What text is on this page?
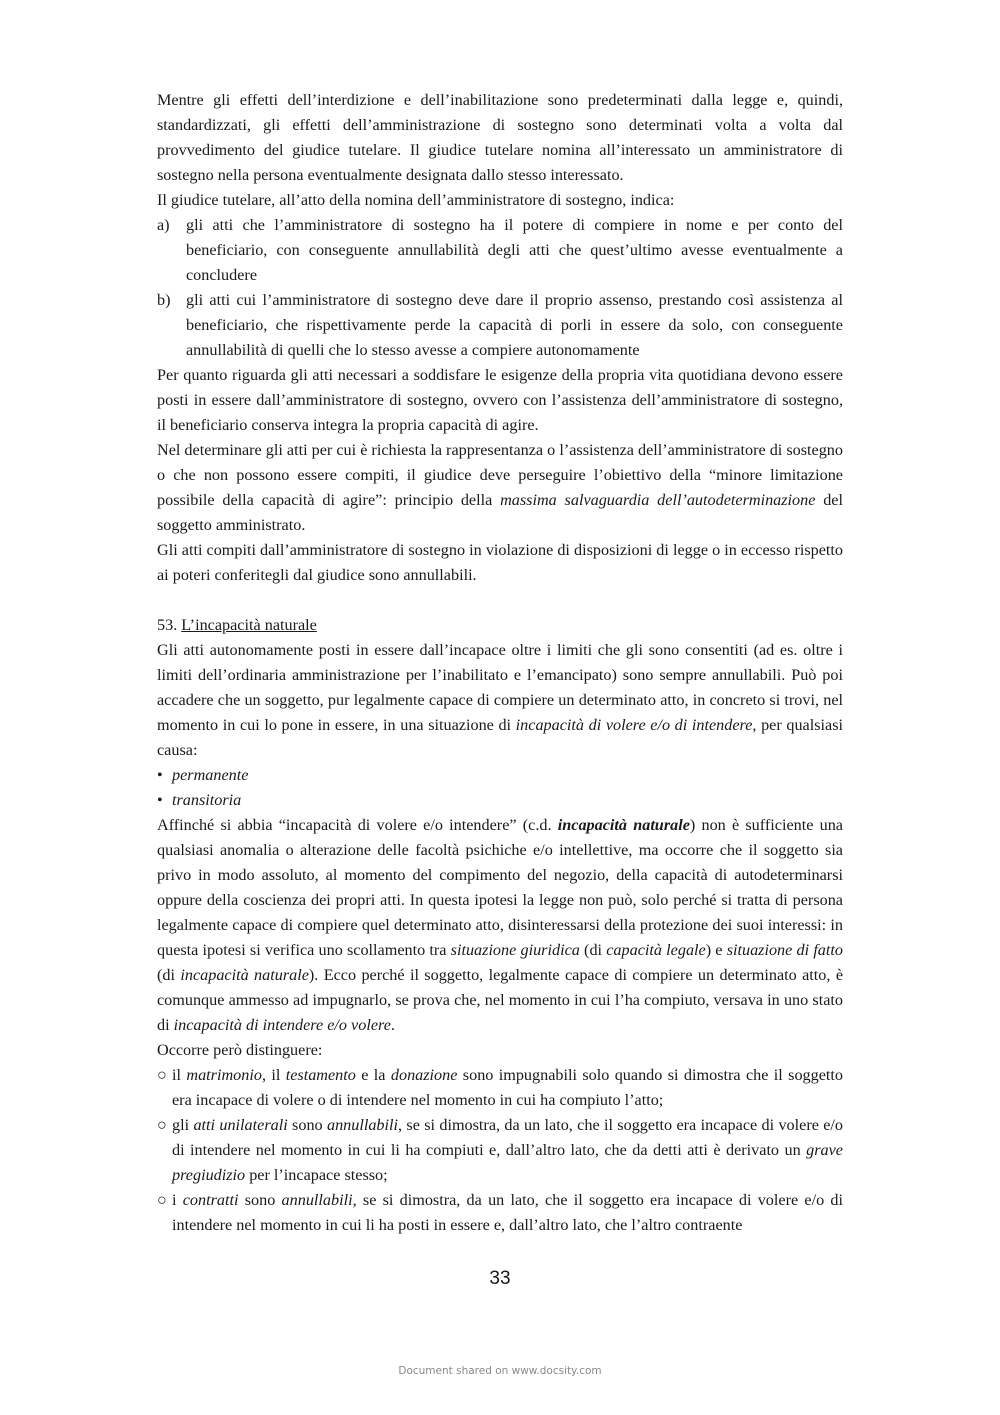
Mentre gli effetti dell’interdizione e dell’inabilitazione sono predeterminati dalla legge e, quindi, standardizzati, gli effetti dell’amministrazione di sostegno sono determinati volta a volta dal provvedimento del giudice tutelare. Il giudice tutelare nomina all’interessato un amministratore di sostegno nella persona eventualmente designata dallo stesso interessato.

Il giudice tutelare, all’atto della nomina dell’amministratore di sostegno, indica:

a) gli atti che l’amministratore di sostegno ha il potere di compiere in nome e per conto del beneficiario, con conseguente annullabilità degli atti che quest’ultimo avesse eventualmente a concludere
b) gli atti cui l’amministratore di sostegno deve dare il proprio assenso, prestando così assistenza al beneficiario, che rispettivamente perde la capacità di porli in essere da solo, con conseguente annullabilità di quelli che lo stesso avesse a compiere autonomamente

Per quanto riguarda gli atti necessari a soddisfare le esigenze della propria vita quotidiana devono essere posti in essere dall’amministratore di sostegno, ovvero con l’assistenza dell’amministratore di sostegno, il beneficiario conserva integra la propria capacità di agire.

Nel determinare gli atti per cui è richiesta la rappresentanza o l’assistenza dell’amministratore di sostegno o che non possono essere compiti, il giudice deve perseguire l’obiettivo della “minore limitazione possibile della capacità di agire”: principio della massima salvaguardia dell’autodeterminazione del soggetto amministrato.

Gli atti compiti dall’amministratore di sostegno in violazione di disposizioni di legge o in eccesso rispetto ai poteri conferitegli dal giudice sono annullabili.

53. L’incapacità naturale

Gli atti autonomamente posti in essere dall’incapace oltre i limiti che gli sono consentiti (ad es. oltre i limiti dell’ordinaria amministrazione per l’inabilitato e l’emancipato) sono sempre annullabili. Può poi accadere che un soggetto, pur legalmente capace di compiere un determinato atto, in concreto si trovi, nel momento in cui lo pone in essere, in una situazione di incapacità di volere e/o di intendere, per qualsiasi causa:

• permanente
• transitoria

Affinché si abbia “incapacità di volere e/o intendere” (c.d. incapacità naturale) non è sufficiente una qualsiasi anomalia o alterazione delle facoltà psichiche e/o intellettive, ma occorre che il soggetto sia privo in modo assoluto, al momento del compimento del negozio, della capacità di autodeterminarsi oppure della coscienza dei propri atti. In questa ipotesi la legge non può, solo perché si tratta di persona legalmente capace di compiere quel determinato atto, disinteressarsi della protezione dei suoi interessi: in questa ipotesi si verifica uno scollamento tra situazione giuridica (di capacità legale) e situazione di fatto (di incapacità naturale). Ecco perché il soggetto, legalmente capace di compiere un determinato atto, è comunque ammesso ad impugnarlo, se prova che, nel momento in cui l’ha compiuto, versava in uno stato di incapacità di intendere e/o volere.

Occorre però distinguere:

○ il matrimonio, il testamento e la donazione sono impugnabili solo quando si dimostra che il soggetto era incapace di volere o di intendere nel momento in cui ha compiuto l’atto;
○ gli atti unilaterali sono annullabili, se si dimostra, da un lato, che il soggetto era incapace di volere e/o di intendere nel momento in cui li ha compiuti e, dall’altro lato, che da detti atti è derivato un grave pregiudizio per l’incapace stesso;
○ i contratti sono annullabili, se si dimostra, da un lato, che il soggetto era incapace di volere e/o di intendere nel momento in cui li ha posti in essere e, dall’altro lato, che l’altro contraente
33
Document shared on www.docsity.com
